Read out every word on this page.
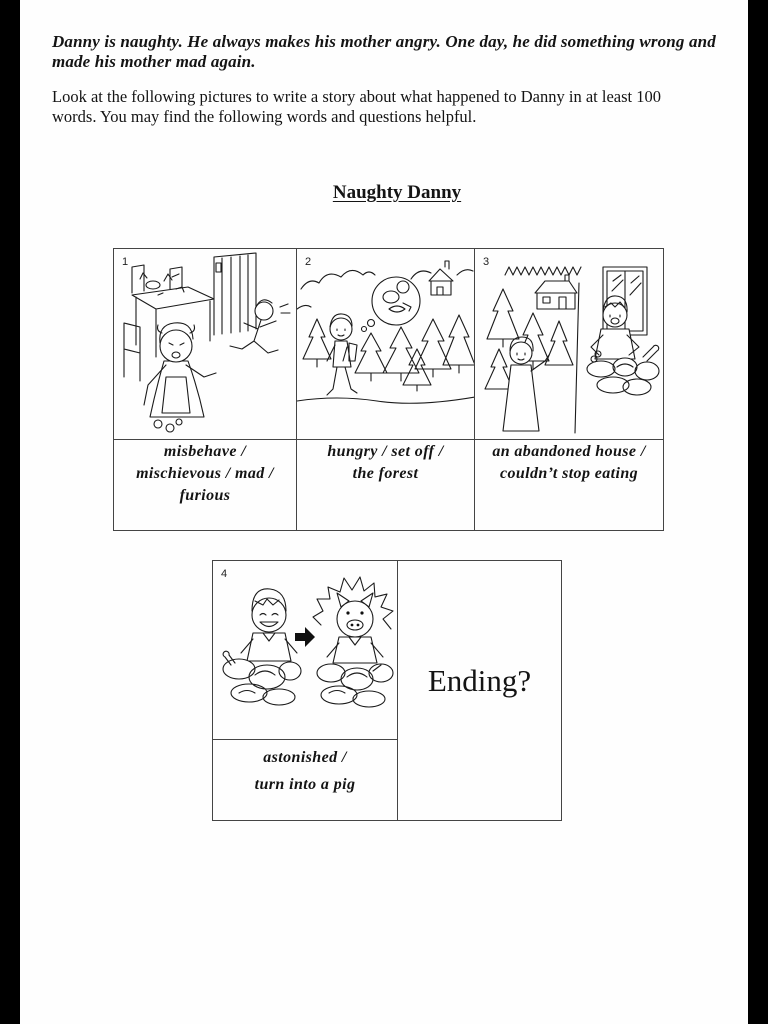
Danny is naughty. He always makes his mother angry. One day, he did something wrong and
made his mother mad again.
Look at the following pictures to write a story about what happened to Danny in at least 100
words. You may find the following words and questions helpful.
Naughty Danny
1	2	3
misbehave /
mischievous / mad /
furious
hungry / set off /
the forest
an abandoned house /
couldn’t stop eating
4
astonished /
turn into a pig
Ending?
